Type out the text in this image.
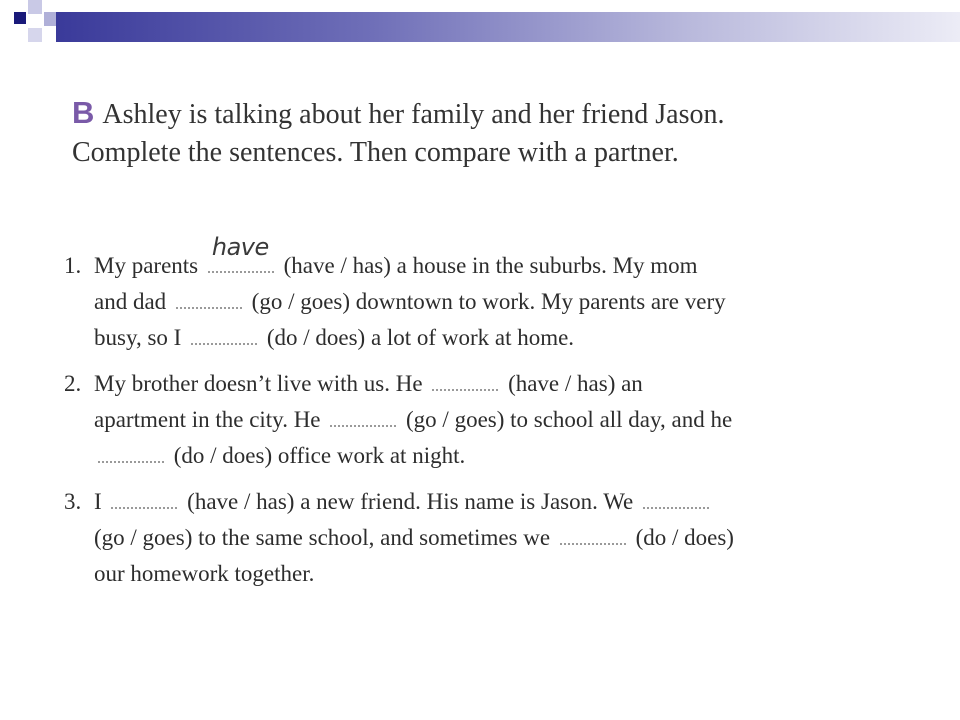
B Ashley is talking about her family and her friend Jason.
Complete the sentences. Then compare with a partner.
1. My parents
have
(have / has) a house in the suburbs. My mom
and dad	(go / goes) downtown to work. My parents are very
busy, so I	(do / does) a lot of work at home.
2. My brother doesn’t live with us. He	(have / has) an
apartment in the city. He	(go / goes) to school all day, and he
(do / does) office work at night.
3. I	(have / has) a new friend. His name is Jason. We
(go / goes) to the same school, and sometimes we	(do / does)
our homework together.
